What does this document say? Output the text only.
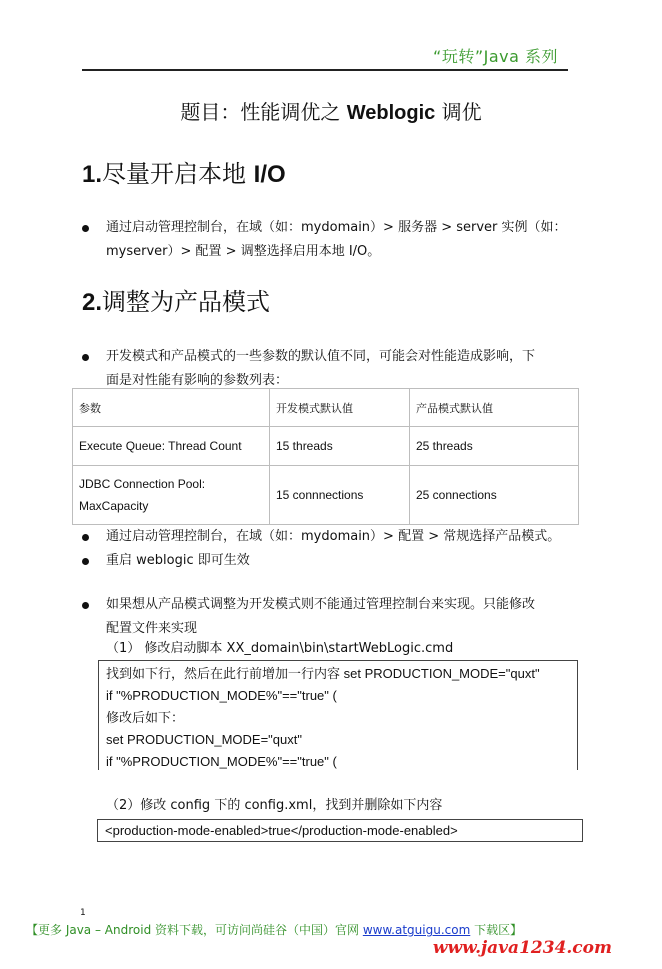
“玩转”Java 系列
题目：性能调优之 Weblogic 调优
1.尽量开启本地 I/O
通过启动管理控制台，在域（如：mydomain）> 服务器 > server 实例（如：
myserver）> 配置 > 调整选择启用本地 I/O。
2.调整为产品模式
开发模式和产品模式的一些参数的默认值不同，可能会对性能造成影响，下
面是对性能有影响的参数列表：
参数	开发模式默认值	产品模式默认值
Execute Queue: Thread Count	15 threads	25 threads
JDBC Connection Pool: MaxCapacity	15 connnections	25 connections
通过启动管理控制台，在域（如：mydomain）> 配置 > 常规选择产品模式。
重启 weblogic 即可生效
如果想从产品模式调整为开发模式则不能通过管理控制台来实现。只能修改
配置文件来实现
（1） 修改启动脚本 XX_domain\bin\startWebLogic.cmd
找到如下行，然后在此行前增加一行内容 set PRODUCTION_MODE="quxt"
if "%PRODUCTION_MODE%"=="true" (
修改后如下：
set PRODUCTION_MODE="quxt"
if "%PRODUCTION_MODE%"=="true" (
（2）修改 config 下的 config.xml，找到并删除如下内容
<production-mode-enabled>true</production-mode-enabled>
1
【更多 Java – Android 资料下载，可访问尚硅谷（中国）官网 www.atguigu.com 下载区】
www.java1234.com
